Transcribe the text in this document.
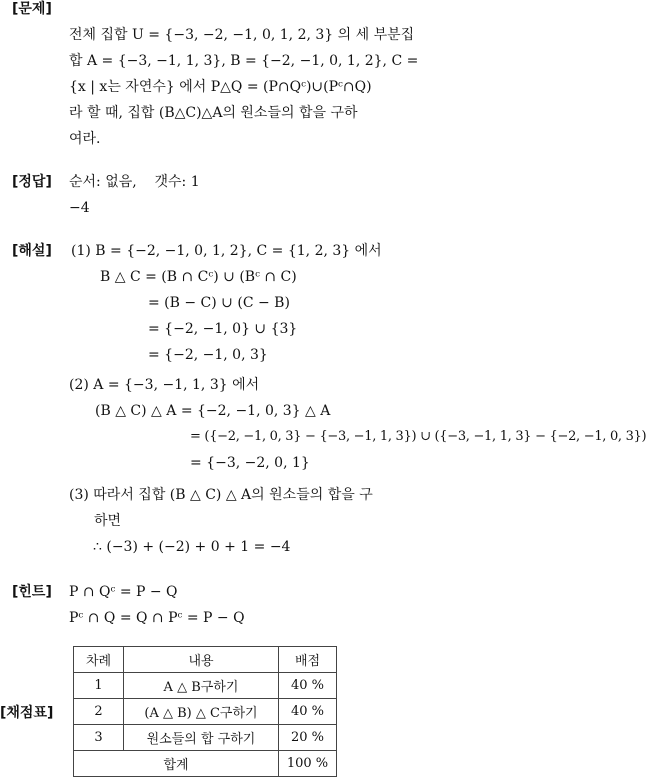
[문제]
전체 집합 U = {−3, −2, −1, 0, 1, 2, 3} 의 세 부분집
합 A = {−3, −1, 1, 3}, B = {−2, −1, 0, 1, 2}, C =
{x | x는 자연수} 에서 P△Q = (P∩Qᶜ)∪(Pᶜ∩Q)
라 할 때, 집합 (B△C)△A의 원소들의 합을 구하
여라.
[정답] 순서: 없음,    갯수: 1
−4
[해설] (1) B = {−2, −1, 0, 1, 2}, C = {1, 2, 3} 에서
B △ C = (B ∩ Cᶜ) ∪ (Bᶜ ∩ C)
= (B − C) ∪ (C − B)
= {−2, −1, 0} ∪ {3}
= {−2, −1, 0, 3}
(2) A = {−3, −1, 1, 3} 에서
(B △ C) △ A = {−2, −1, 0, 3} △ A
= ({−2, −1, 0, 3} − {−3, −1, 1, 3}) ∪ ({−3, −1, 1, 3} − {−2, −1, 0, 3})
= {−3, −2, 0, 1}
(3) 따라서 집합 (B △ C) △ A의 원소들의 합을 구
하면
∴ (−3) + (−2) + 0 + 1 = −4
[힌트] P ∩ Qᶜ = P − Q
Pᶜ ∩ Q = Q ∩ Pᶜ = P − Q
[채점표]
차례	내용	배점
1	A △ B구하기	40 %
2	(A △ B) △ C구하기	40 %
3	원소들의 합 구하기	20 %
합계		100 %
